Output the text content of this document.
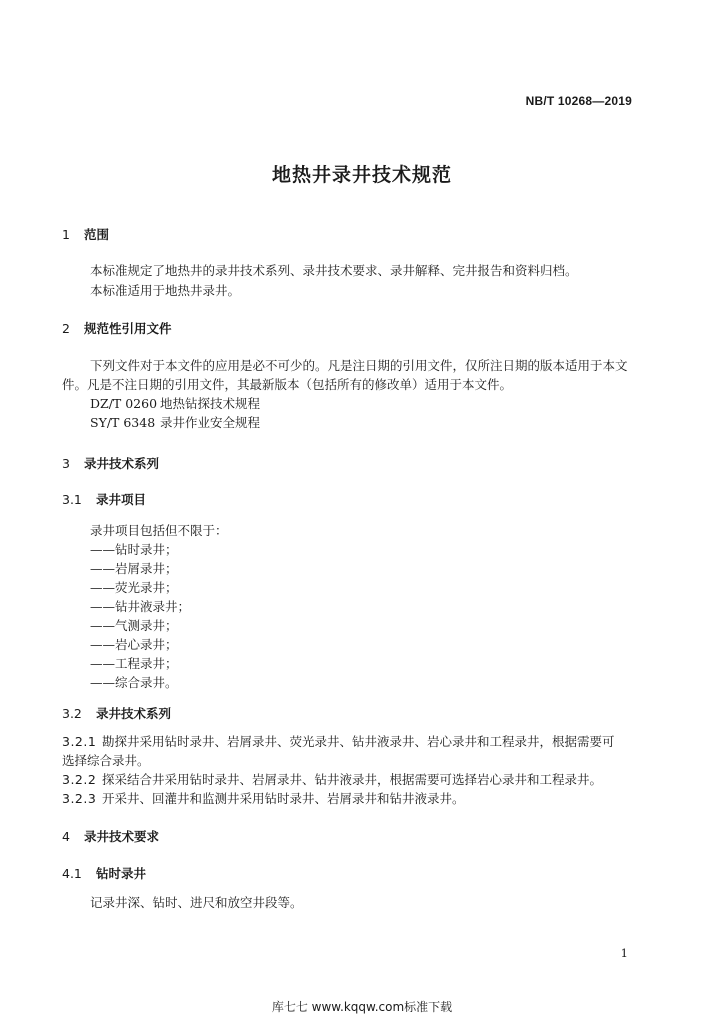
NB/T 10268—2019
地热井录井技术规范
1 范围
本标准规定了地热井的录井技术系列、录井技术要求、录井解释、完井报告和资料归档。
本标准适用于地热井录井。
2 规范性引用文件
下列文件对于本文件的应用是必不可少的。凡是注日期的引用文件，仅所注日期的版本适用于本文
件。凡是不注日期的引用文件，其最新版本（包括所有的修改单）适用于本文件。
DZ/T 0260 地热钻探技术规程
SY/T 6348 录井作业安全规程
3 录井技术系列
3.1 录井项目
录井项目包括但不限于：
——钻时录井；
——岩屑录井；
——荧光录井；
——钻井液录井；
——气测录井；
——岩心录井；
——工程录井；
——综合录井。
3.2 录井技术系列
3.2.1 勘探井采用钻时录井、岩屑录井、荧光录井、钻井液录井、岩心录井和工程录井，根据需要可
选择综合录井。
3.2.2 探采结合井采用钻时录井、岩屑录井、钻井液录井，根据需要可选择岩心录井和工程录井。
3.2.3 开采井、回灌井和监测井采用钻时录井、岩屑录井和钻井液录井。
4 录井技术要求
4.1 钻时录井
记录井深、钻时、进尺和放空井段等。
1
库七七 www.kqqw.com标准下载
